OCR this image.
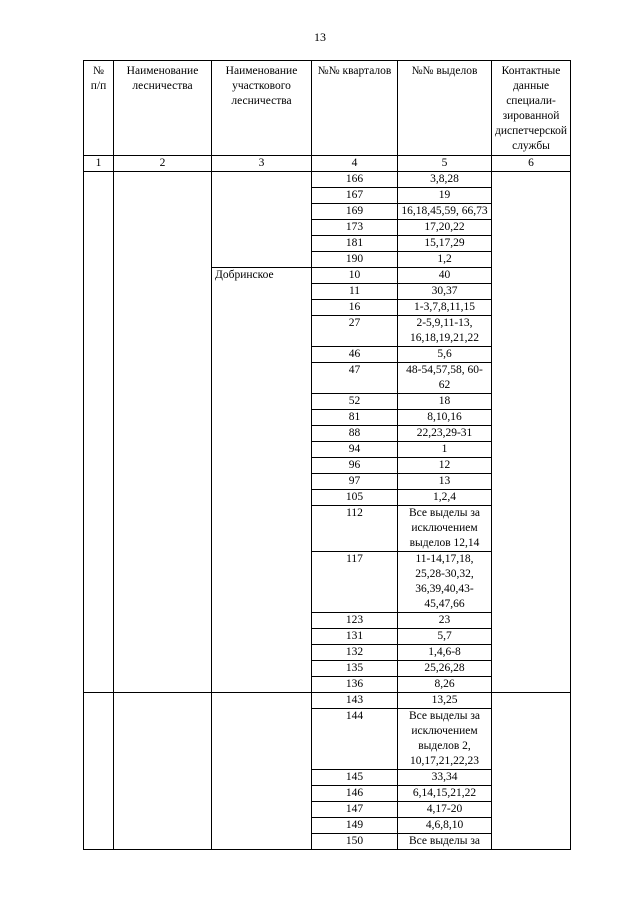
13
№ п/п	Наименование лесничества	Наименование участкового лесничества	№№ кварталов	№№ выделов	Контактные данные специали-зированной диспетчерской службы
1	2	3	4	5	6
			166	3,8,28	
			167	19	
			169	16,18,45,59, 66,73	
			173	17,20,22	
			181	15,17,29	
			190	1,2	
		Добринское	10	40	
			11	30,37	
			16	1-3,7,8,11,15	
			27	2-5,9,11-13, 16,18,19,21,22	
			46	5,6	
			47	48-54,57,58, 60-62	
			52	18	
			81	8,10,16	
			88	22,23,29-31	
			94	1	
			96	12	
			97	13	
			105	1,2,4	
			112	Все выделы за исключением выделов 12,14	
			117	11-14,17,18, 25,28-30,32, 36,39,40,43- 45,47,66	
			123	23	
			131	5,7	
			132	1,4,6-8	
			135	25,26,28	
			136	8,26	
			143	13,25	
			144	Все выделы за исключением выделов 2, 10,17,21,22,23	
			145	33,34	
			146	6,14,15,21,22	
			147	4,17-20	
			149	4,6,8,10	
			150	Все выделы за	
